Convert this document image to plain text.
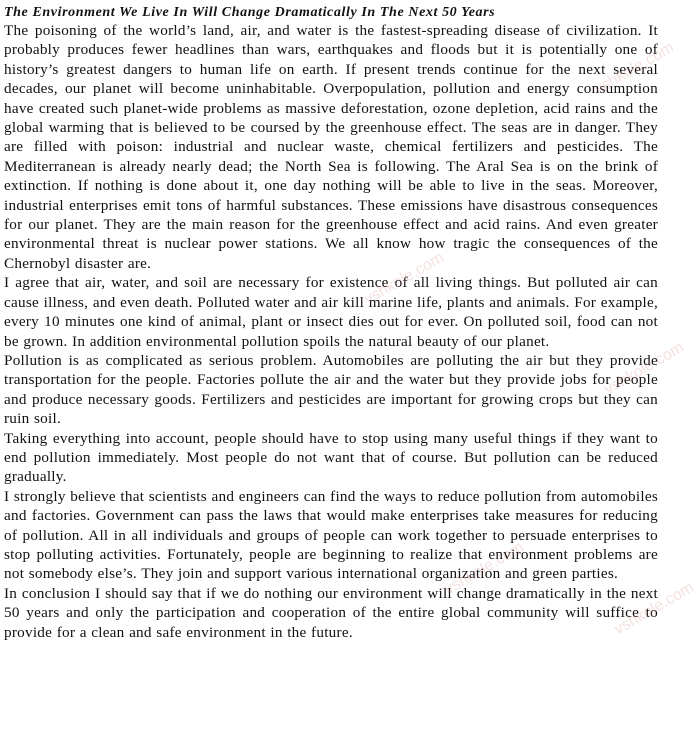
The Environment We Live In Will Change Dramatically In The Next 50 Years

The poisoning of the world’s land, air, and water is the fastest-spreading disease of civilization. It probably produces fewer headlines than wars, earthquakes and floods but it is potentially one of history’s greatest dangers to human life on earth. If present trends continue for the next several decades, our planet will become uninhabitable. Overpopulation, pollution and energy consumption have created such planet-wide problems as massive deforestation, ozone depletion, acid rains and the global warming that is believed to be coursed by the greenhouse effect. The seas are in danger. They are filled with poison: industrial and nuclear waste, chemical fertilizers and pesticides. The Mediterranean is already nearly dead; the North Sea is following. The Aral Sea is on the brink of extinction. If nothing is done about it, one day nothing will be able to live in the seas. Moreover, industrial enterprises emit tons of harmful substances. These emissions have disastrous consequences for our planet. They are the main reason for the greenhouse effect and acid rains. And even greater environmental threat is nuclear power stations. We all know how tragic the consequences of the Chernobyl disaster are.

I agree that air, water, and soil are necessary for existence of all living things. But polluted air can cause illness, and even death. Polluted water and air kill marine life, plants and animals. For example, every 10 minutes one kind of animal, plant or insect dies out for ever. On polluted soil, food can not be grown. In addition environmental pollution spoils the natural beauty of our planet.

Pollution is as complicated as serious problem. Automobiles are polluting the air but they provide transportation for the people. Factories pollute the air and the water but they provide jobs for people and produce necessary goods. Fertilizers and pesticides are important for growing crops but they can ruin soil.

Taking everything into account, people should have to stop using many useful things if they want to end pollution immediately. Most people do not want that of course. But pollution can be reduced gradually.

I strongly believe that scientists and engineers can find the ways to reduce pollution from automobiles and factories. Government can pass the laws that would make enterprises take measures for reducing of pollution. All in all individuals and groups of people can work together to persuade enterprises to stop polluting activities. Fortunately, people are beginning to realize that environment problems are not somebody else’s. They join and support various international organization and green parties.

In conclusion I should say that if we do nothing our environment will change dramatically in the next 50 years and only the participation and cooperation of the entire global community will suffice to provide for a clean and safe environment in the future.

vshkole.com
vshkole.com
vshkole.com
vshkole.com
vshkole.com
